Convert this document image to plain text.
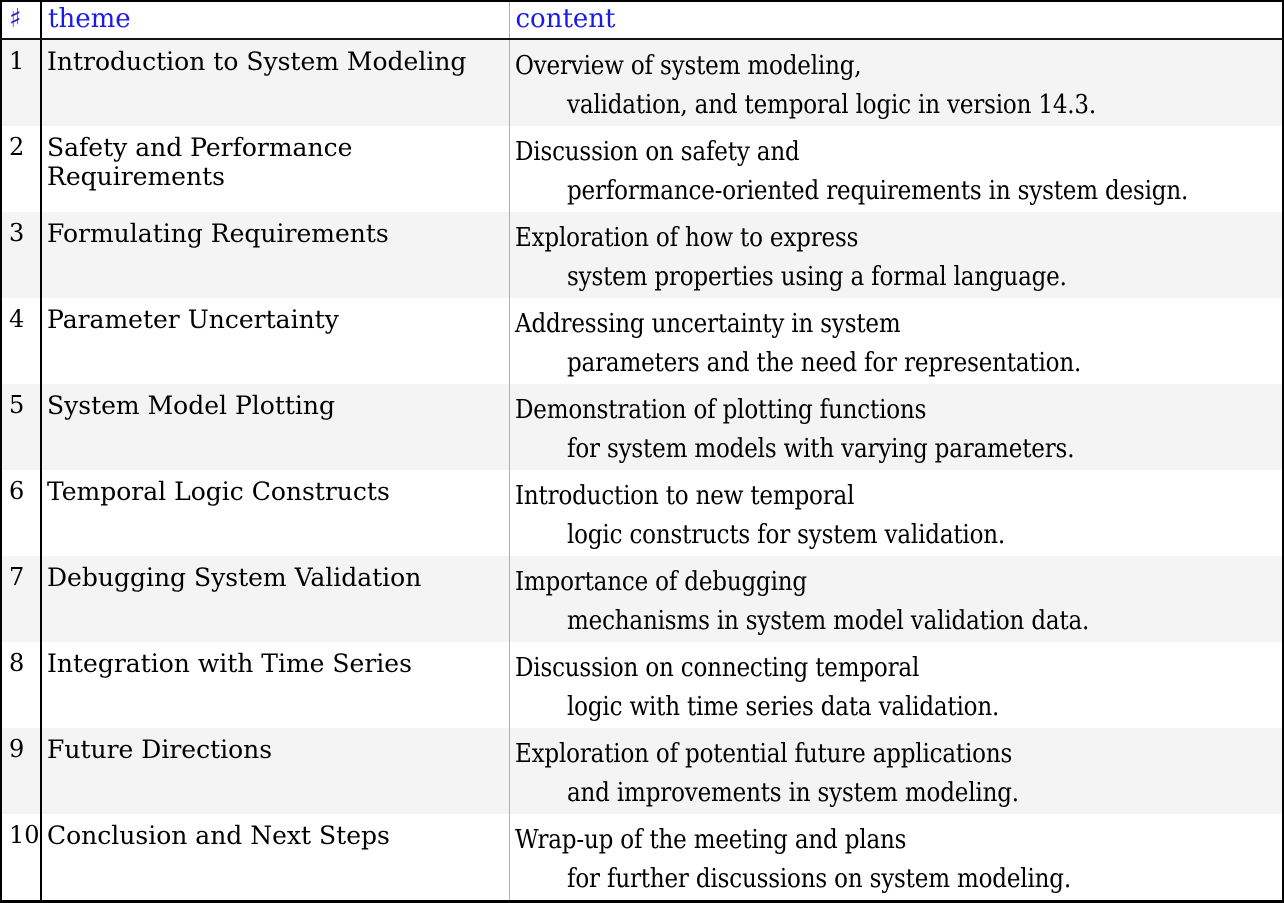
♯	theme	content
1	Introduction to System Modeling	Overview of system modeling,
validation, and temporal logic in version 14.3.

2	Safety and Performance Requirements	Discussion on safety and
performance-oriented requirements in system design.

3	Formulating Requirements	Exploration of how to express
system properties using a formal language.

4	Parameter Uncertainty	Addressing uncertainty in system
parameters and the need for representation.

5	System Model Plotting	Demonstration of plotting functions
for system models with varying parameters.

6	Temporal Logic Constructs	Introduction to new temporal
logic constructs for system validation.

7	Debugging System Validation	Importance of debugging
mechanisms in system model validation data.

8	Integration with Time Series	Discussion on connecting temporal
logic with time series data validation.

9	Future Directions	Exploration of potential future applications
and improvements in system modeling.

10	Conclusion and Next Steps	Wrap-up of the meeting and plans
for further discussions on system modeling.
